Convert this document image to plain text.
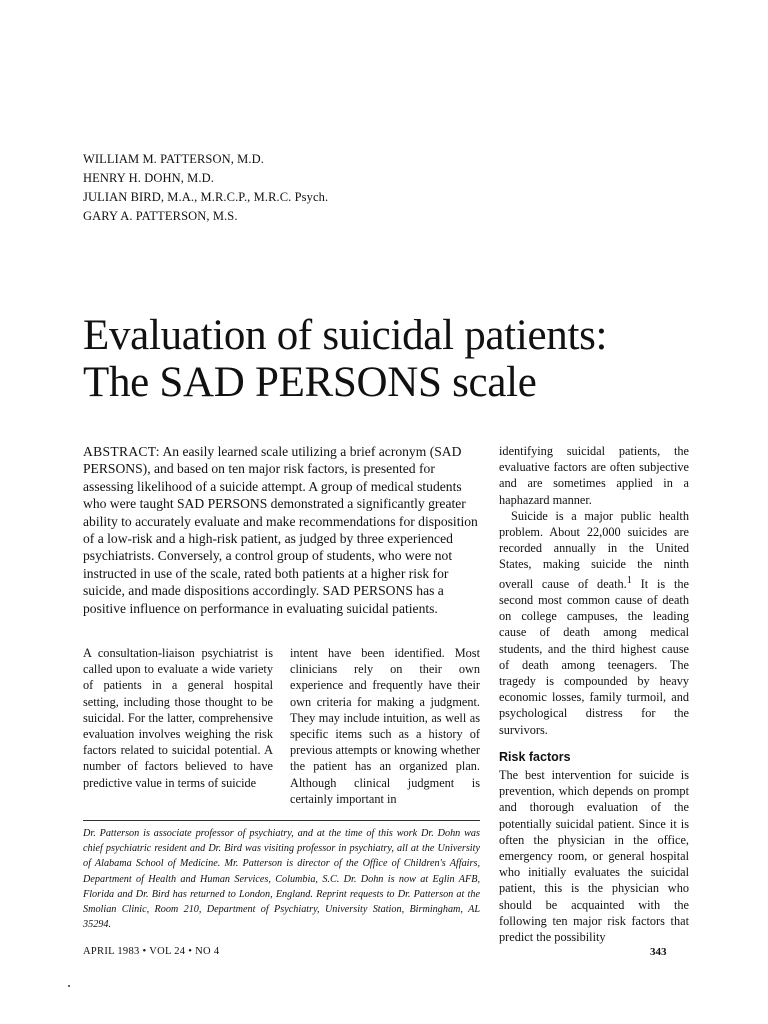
WILLIAM M. PATTERSON, M.D.
HENRY H. DOHN, M.D.
JULIAN BIRD, M.A., M.R.C.P., M.R.C. Psych.
GARY A. PATTERSON, M.S.
Evaluation of suicidal patients:
The SAD PERSONS scale

ABSTRACT: An easily learned scale utilizing a brief acronym (SAD PERSONS), and based on ten major risk factors, is presented for assessing likelihood of a suicide attempt. A group of medical students who were taught SAD PERSONS demonstrated a significantly greater ability to accurately evaluate and make recommendations for disposition of a low-risk and a high-risk patient, as judged by three experienced psychiatrists. Conversely, a control group of students, who were not instructed in use of the scale, rated both patients at a higher risk for suicide, and made dispositions accordingly. SAD PERSONS has a positive influence on performance in evaluating suicidal patients.

A consultation-liaison psychiatrist is called upon to evaluate a wide variety of patients in a general hospital setting, including those thought to be suicidal. For the latter, comprehensive evaluation involves weighing the risk factors related to suicidal potential. A number of factors believed to have predictive value in terms of suicide

intent have been identified. Most clinicians rely on their own experience and frequently have their own criteria for making a judgment. They may include intuition, as well as specific items such as a history of previous attempts or knowing whether the patient has an organized plan. Although clinical judgment is certainly important in

identifying suicidal patients, the evaluative factors are often subjective and are sometimes applied in a haphazard manner.

Suicide is a major public health problem. About 22,000 suicides are recorded annually in the United States, making suicide the ninth overall cause of death.$^1$ It is the second most common cause of death on college campuses, the leading cause of death among medical students, and the third highest cause of death among teenagers. The tragedy is compounded by heavy economic losses, family turmoil, and psychological distress for the survivors.

Risk factors

The best intervention for suicide is prevention, which depends on prompt and thorough evaluation of the potentially suicidal patient. Since it is often the physician in the office, emergency room, or general hospital who initially evaluates the suicidal patient, this is the physician who should be acquainted with the following ten major risk factors that predict the possibility

Dr. Patterson is associate professor of psychiatry, and at the time of this work Dr. Dohn was chief psychiatric resident and Dr. Bird was visiting professor in psychiatry, all at the University of Alabama School of Medicine. Mr. Patterson is director of the Office of Children's Affairs, Department of Health and Human Services, Columbia, S.C. Dr. Dohn is now at Eglin AFB, Florida and Dr. Bird has returned to London, England. Reprint requests to Dr. Patterson at the Smolian Clinic, Room 210, Department of Psychiatry, University Station, Birmingham, AL 35294.

APRIL 1983 • VOL 24 • NO 4	343
